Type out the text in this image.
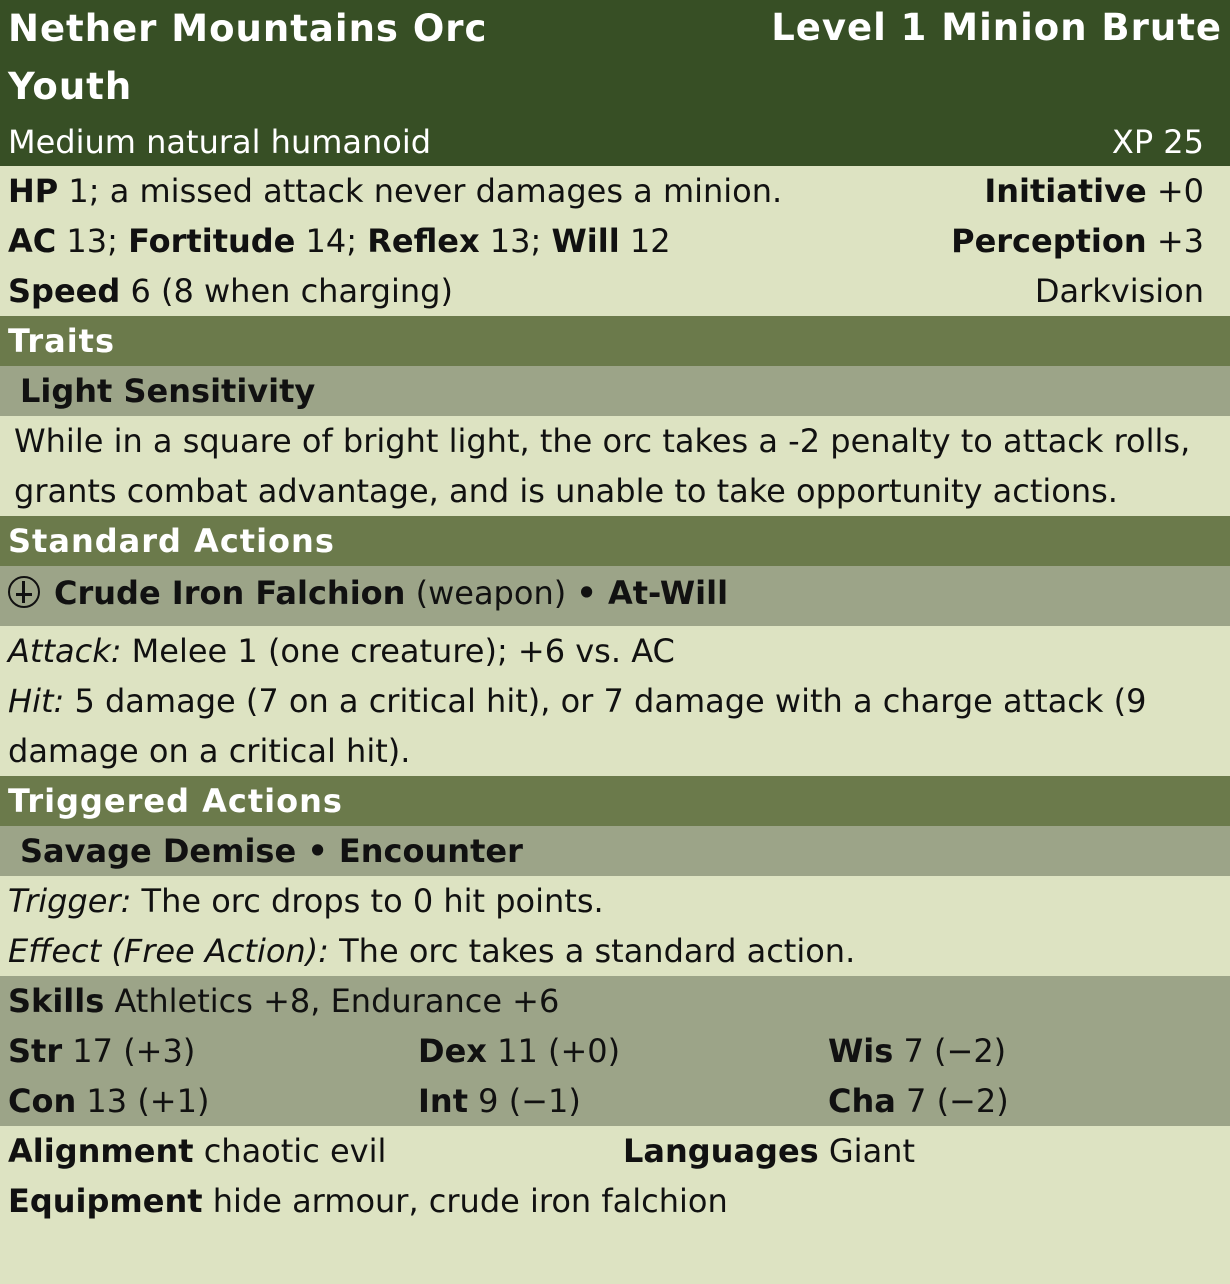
Nether Mountains Orc Youth
Level 1 Minion Brute
Medium natural humanoid	XP 25
HP 1; a missed attack never damages a minion.	Initiative +0
AC 13; Fortitude 14; Reflex 13; Will 12	Perception +3
Speed 6 (8 when charging)	Darkvision
Traits
Light Sensitivity
While in a square of bright light, the orc takes a -2 penalty to attack rolls, grants combat advantage, and is unable to take opportunity actions.
Standard Actions
Crude Iron Falchion (weapon) • At-Will
Attack: Melee 1 (one creature); +6 vs. AC
Hit: 5 damage (7 on a critical hit), or 7 damage with a charge attack (9 damage on a critical hit).
Triggered Actions
Savage Demise • Encounter
Trigger: The orc drops to 0 hit points.
Effect (Free Action): The orc takes a standard action.
Skills Athletics +8, Endurance +6
Str 17 (+3)	Dex 11 (+0)	Wis 7 (−2)
Con 13 (+1)	Int 9 (−1)	Cha 7 (−2)
Alignment chaotic evil	Languages Giant
Equipment hide armour, crude iron falchion
